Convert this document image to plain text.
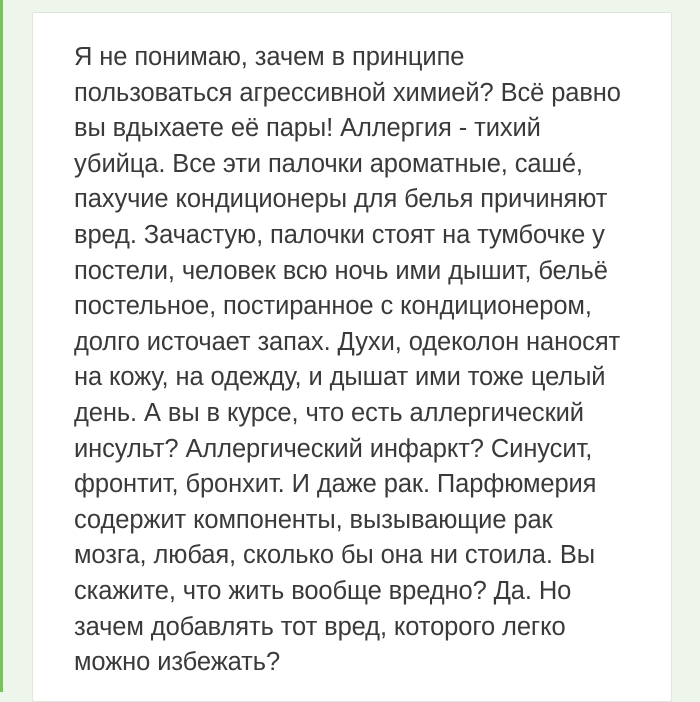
Я не понимаю, зачем в принципе
пользоваться агрессивной химией? Всё равно
вы вдыхаете её пары! Аллергия - тихий
убийца. Все эти палочки ароматные, сашé,
пахучие кондиционеры для белья причиняют
вред. Зачастую, палочки стоят на тумбочке у
постели, человек всю ночь ими дышит, бельё
постельное, постиранное с кондиционером,
долго источает запах. Духи, одеколон наносят
на кожу, на одежду, и дышат ими тоже целый
день. А вы в курсе, что есть аллергический
инсульт? Аллергический инфаркт? Синусит,
фронтит, бронхит. И даже рак. Парфюмерия
содержит компоненты, вызывающие рак
мозга, любая, сколько бы она ни стоила. Вы
скажите, что жить вообще вредно? Да. Но
зачем добавлять тот вред, которого легко
можно избежать?
